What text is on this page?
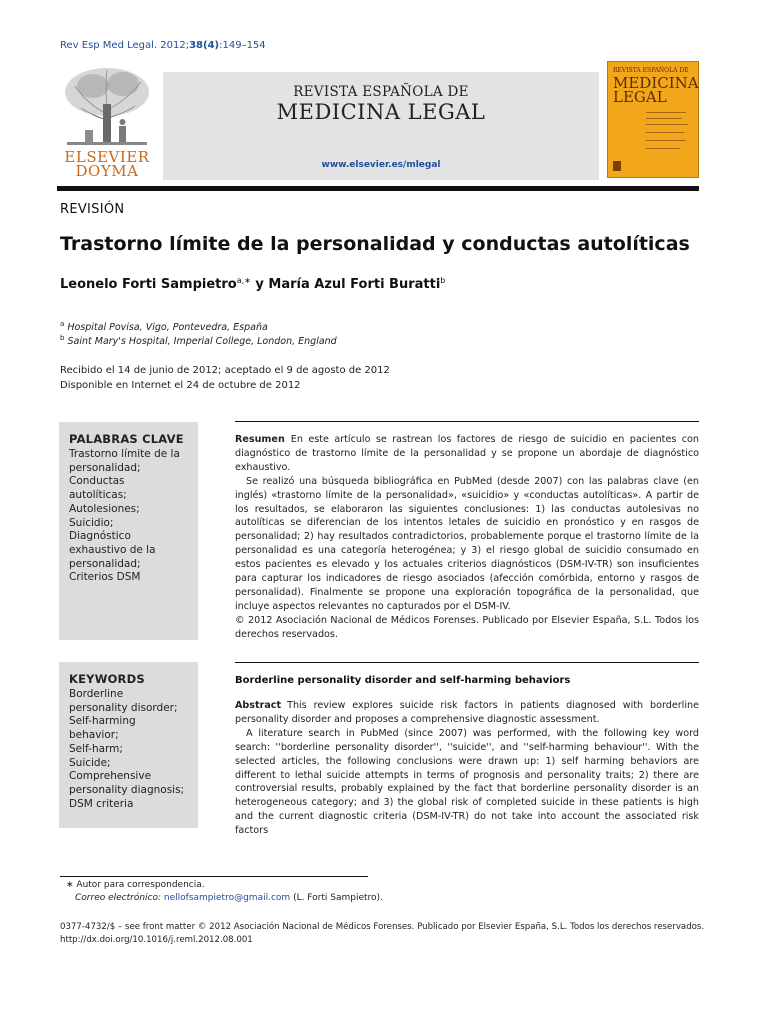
Rev Esp Med Legal. 2012;38(4):149–154
ELSEVIER
DOYMA
REVISTA ESPAÑOLA DE
MEDICINA LEGAL
www.elsevier.es/mlegal
REVISTA ESPAÑOLA DE
MEDICINA
LEGAL
REVISIÓN
Trastorno límite de la personalidad y conductas autolíticas
Leonelo Forti Sampietro$^{a,∗}$ y María Azul Forti Buratti$^b$
$^a$ Hospital Povisa, Vigo, Pontevedra, España
$^b$ Saint Mary's Hospital, Imperial College, London, England
Recibido el 14 de junio de 2012; aceptado el 9 de agosto de 2012
Disponible en Internet el 24 de octubre de 2012
PALABRAS CLAVE
Trastorno límite de la
personalidad;
Conductas
autolíticas;
Autolesiones;
Suicidio;
Diagnóstico
exhaustivo de la
personalidad;
Criterios DSM
KEYWORDS
Borderline
personality disorder;
Self-harming
behavior;
Self-harm;
Suicide;
Comprehensive
personality diagnosis;
DSM criteria

Resumen En este artículo se rastrean los factores de riesgo de suicidio en pacientes con diagnóstico de trastorno límite de la personalidad y se propone un abordaje de diagnóstico exhaustivo.

Se realizó una búsqueda bibliográfica en PubMed (desde 2007) con las palabras clave (en inglés) «trastorno límite de la personalidad», «suicidio» y «conductas autolíticas». A partir de los resultados, se elaboraron las siguientes conclusiones: 1) las conductas autolesivas no autolíticas se diferencian de los intentos letales de suicidio en pronóstico y en rasgos de personalidad; 2) hay resultados contradictorios, probablemente porque el trastorno límite de la personalidad es una categoría heterogénea; y 3) el riesgo global de suicidio consumado en estos pacientes es elevado y los actuales criterios diagnósticos (DSM-IV-TR) son insuficientes para capturar los indicadores de riesgo asociados (afección comórbida, entorno y rasgos de personalidad). Finalmente se propone una exploración topográfica de la personalidad, que incluye aspectos relevantes no capturados por el DSM-IV.

© 2012 Asociación Nacional de Médicos Forenses. Publicado por Elsevier España, S.L. Todos los derechos reservados.

Borderline personality disorder and self-harming behaviors

Abstract This review explores suicide risk factors in patients diagnosed with borderline personality disorder and proposes a comprehensive diagnostic assessment.

A literature search in PubMed (since 2007) was performed, with the following key word search: ''borderline personality disorder'', ''suicide'', and ''self-harming behaviour''. With the selected articles, the following conclusions were drawn up: 1) self harming behaviors are different to lethal suicide attempts in terms of prognosis and personality traits; 2) there are controversial results, probably explained by the fact that borderline personality disorder is an heterogeneous category; and 3) the global risk of completed suicide in these patients is high and the current diagnostic criteria (DSM-IV-TR) do not take into account the associated risk factors

∗ Autor para correspondencia.
Correo electrónico: nellofsampietro@gmail.com (L. Forti Sampietro).
0377-4732/$ – see front matter © 2012 Asociación Nacional de Médicos Forenses. Publicado por Elsevier España, S.L. Todos los derechos reservados.
http://dx.doi.org/10.1016/j.reml.2012.08.001
